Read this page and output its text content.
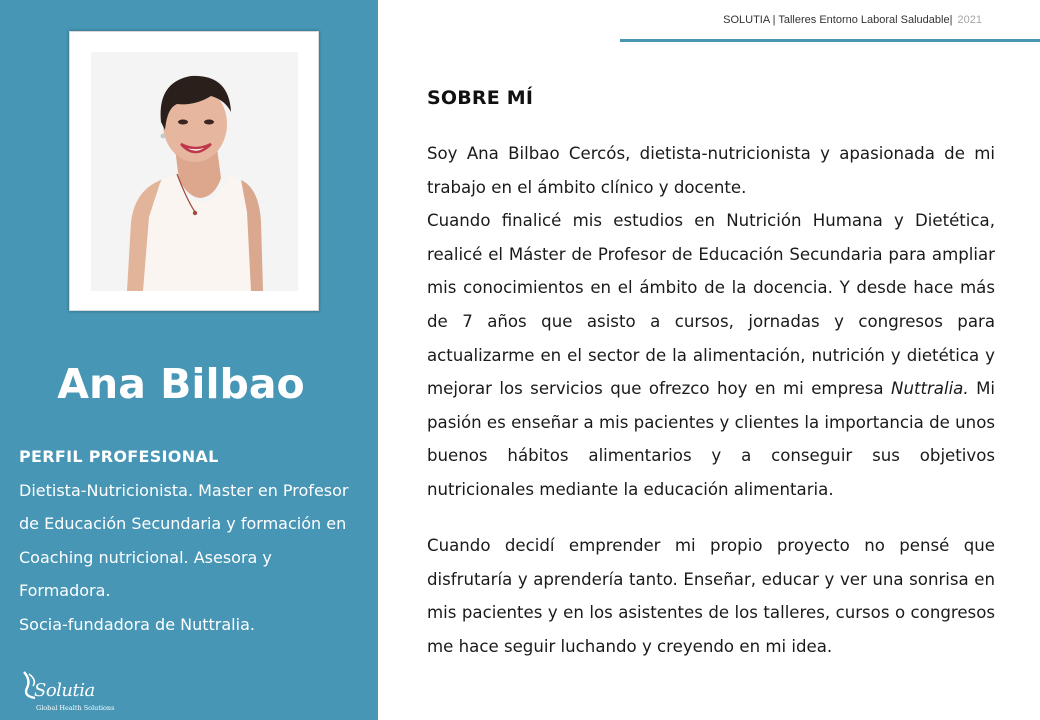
Ana Bilbao
PERFIL PROFESIONAL
Dietista-Nutricionista. Master en Profesor
de Educación Secundaria y formación en
Coaching nutricional. Asesora y
Formadora.
Socia-fundadora de Nuttralia.
Solutia
Global Health Solutions
SOLUTIA | Talleres Entorno Laboral Saludable| 2021
SOBRE MÍ

Soy Ana Bilbao Cercós, dietista-nutricionista y apasionada de mi trabajo en el ámbito clínico y docente.

Cuando finalicé mis estudios en Nutrición Humana y Dietética, realicé el Máster de Profesor de Educación Secundaria para ampliar mis conocimientos en el ámbito de la docencia. Y desde hace más de 7 años que asisto a cursos, jornadas y congresos para actualizarme en el sector de la alimentación, nutrición y dietética y mejorar los servicios que ofrezco hoy en mi empresa Nuttralia. Mi pasión es enseñar a mis pacientes y clientes la importancia de unos buenos hábitos alimentarios y a conseguir sus objetivos nutricionales mediante la educación alimentaria.

Cuando decidí emprender mi propio proyecto no pensé que disfrutaría y aprendería tanto. Enseñar, educar y ver una sonrisa en mis pacientes y en los asistentes de los talleres, cursos o congresos me hace seguir luchando y creyendo en mi idea.
